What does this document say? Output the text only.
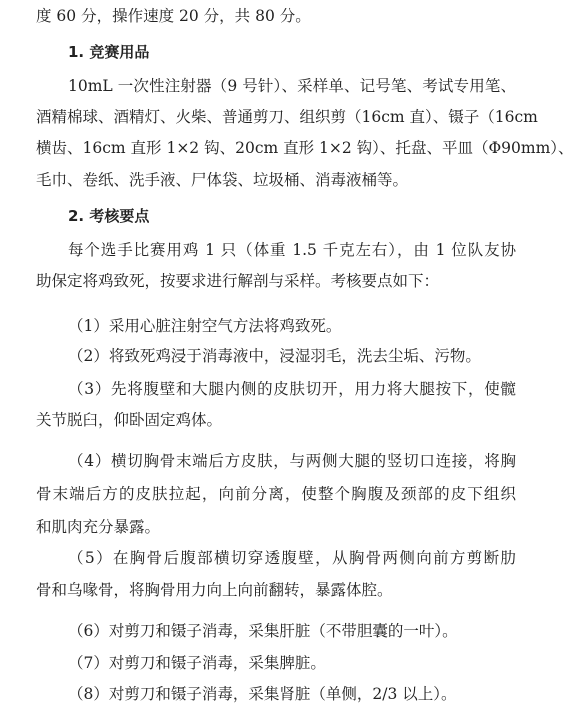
度 60 分，操作速度 20 分，共 80 分。
1. 竞赛用品
10mL 一次性注射器（9 号针）、采样单、记号笔、考试专用笔、
酒精棉球、酒精灯、火柴、普通剪刀、组织剪（16cm 直）、镊子（16cm
横齿、16cm 直形 1×2 钩、20cm 直形 1×2 钩）、托盘、平皿（Φ90mm）、
毛巾、卷纸、洗手液、尸体袋、垃圾桶、消毒液桶等。
2. 考核要点
每个选手比赛用鸡 1 只（体重 1.5 千克左右），由 1 位队友协
助保定将鸡致死，按要求进行解剖与采样。考核要点如下：
（1）采用心脏注射空气方法将鸡致死。
（2）将致死鸡浸于消毒液中，浸湿羽毛，洗去尘垢、污物。
（3）先将腹壁和大腿内侧的皮肤切开，用力将大腿按下，使髋
关节脱臼，仰卧固定鸡体。
（4）横切胸骨末端后方皮肤，与两侧大腿的竖切口连接，将胸
骨末端后方的皮肤拉起，向前分离，使整个胸腹及颈部的皮下组织
和肌肉充分暴露。
（5）在胸骨后腹部横切穿透腹壁，从胸骨两侧向前方剪断肋
骨和乌喙骨，将胸骨用力向上向前翻转，暴露体腔。
（6）对剪刀和镊子消毒，采集肝脏（不带胆囊的一叶）。
（7）对剪刀和镊子消毒，采集脾脏。
（8）对剪刀和镊子消毒，采集肾脏（单侧，2/3 以上）。
